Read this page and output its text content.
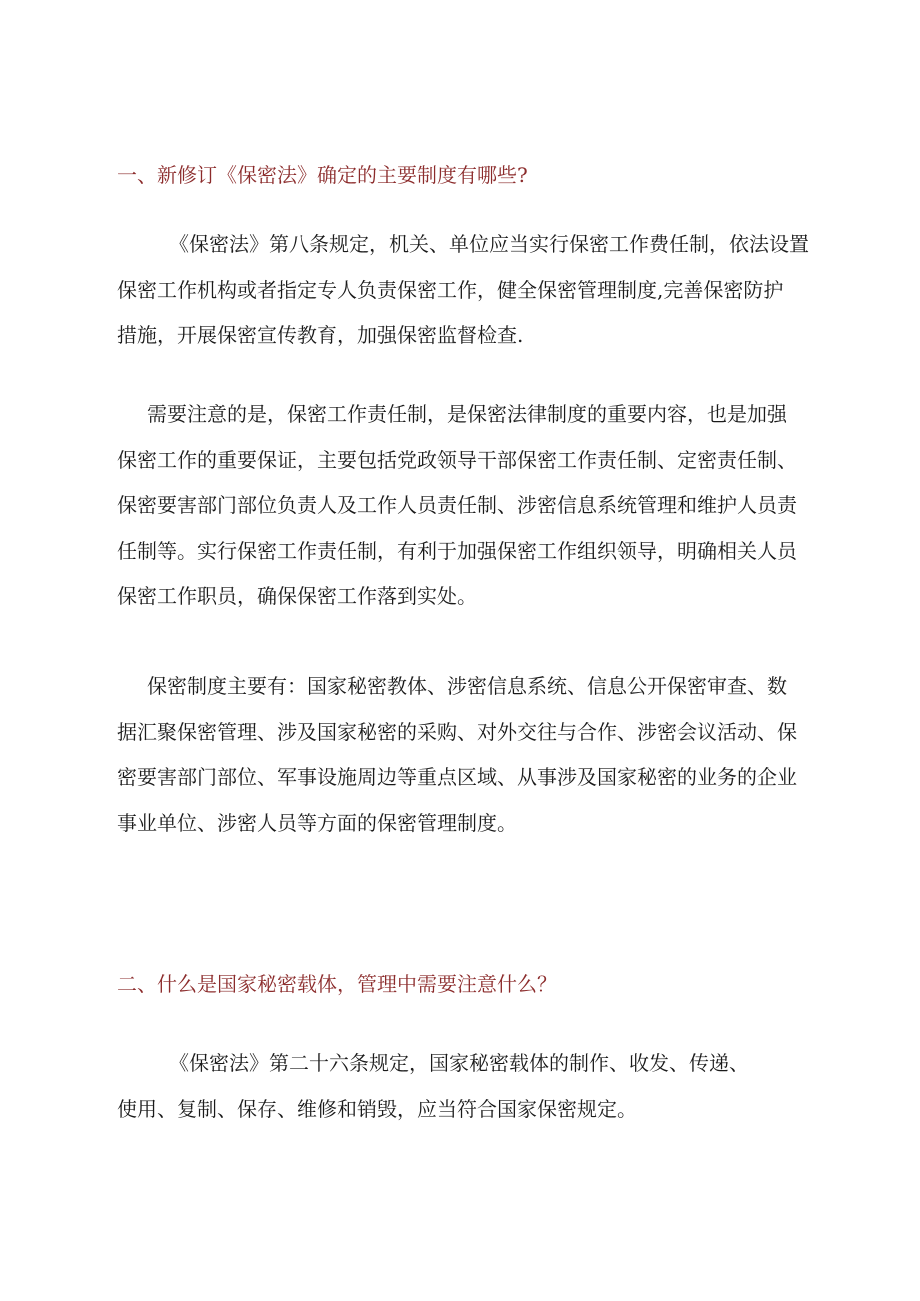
一、新修订《保密法》确定的主要制度有哪些?
《保密法》第八条规定，机关、单位应当实行保密工作费任制，依法设置
保密工作机构或者指定专人负责保密工作，健全保密管理制度,完善保密防护
措施，开展保密宣传教育，加强保密监督检查.
需要注意的是，保密工作责任制，是保密法律制度的重要内容，也是加强
保密工作的重要保证，主要包括党政领导干部保密工作责任制、定密责任制、
保密要害部门部位负责人及工作人员责任制、涉密信息系统管理和维护人员责
任制等。实行保密工作责任制，有利于加强保密工作组织领导，明确相关人员
保密工作职员，确保保密工作落到实处。
保密制度主要有：国家秘密教体、涉密信息系统、信息公开保密审查、数
据汇聚保密管理、涉及国家秘密的采购、对外交往与合作、涉密会议活动、保
密要害部门部位、军事设施周边等重点区域、从事涉及国家秘密的业务的企业
事业单位、涉密人员等方面的保密管理制度。
二、什么是国家秘密载体，管理中需要注意什么？
《保密法》第二十六条规定，国家秘密载体的制作、收发、传递、
使用、复制、保存、维修和销毁，应当符合国家保密规定。
